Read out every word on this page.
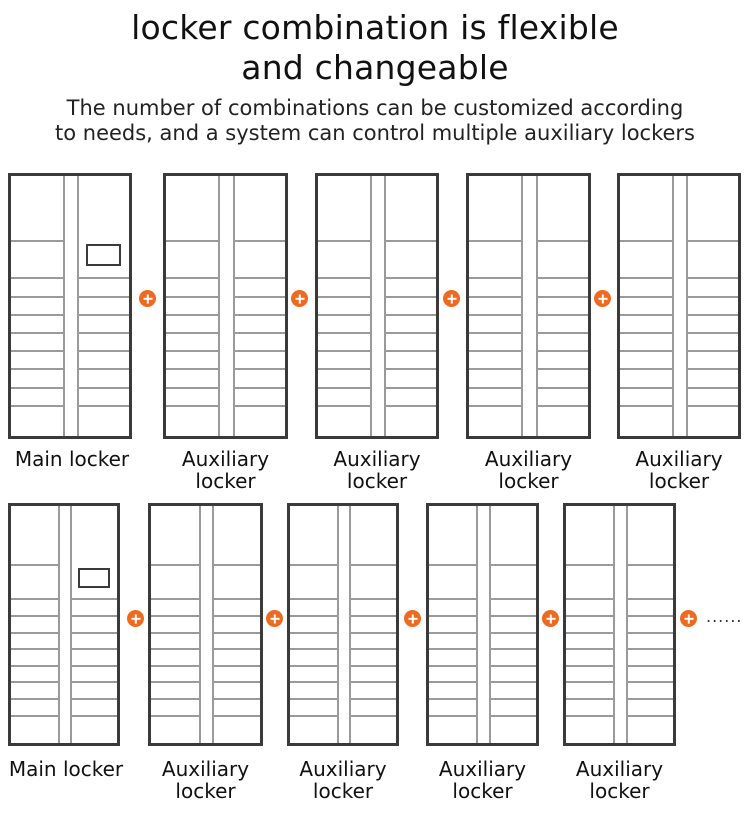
locker combination is flexible
and changeable

The number of combinations can be customized according
to needs, and a system can control multiple auxiliary lockers

Main locker	Auxiliary locker
Auxiliary locker
Auxiliary locker
Auxiliary locker
Main locker	Auxiliary locker
Auxiliary locker
Auxiliary locker
Auxiliary locker
......
